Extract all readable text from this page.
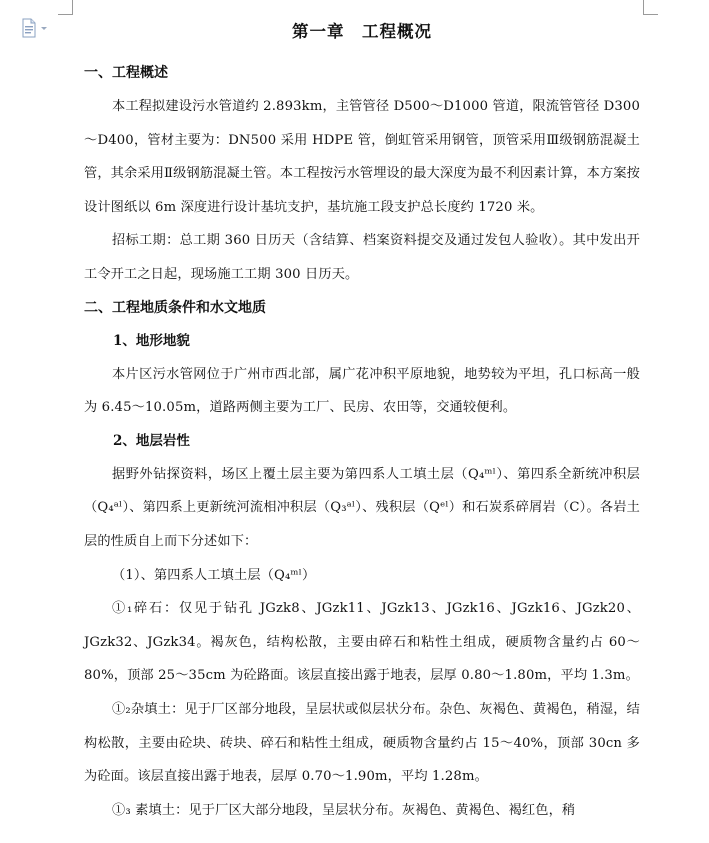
第一章　工程概况
一、工程概述

本工程拟建设污水管道约 2.893km，主管管径 D500～D1000 管道，限流管管径 D300～D400，管材主要为：DN500 采用 HDPE 管，倒虹管采用钢管，顶管采用Ⅲ级钢筋混凝土管，其余采用Ⅱ级钢筋混凝土管。本工程按污水管埋设的最大深度为最不利因素计算，本方案按设计图纸以 6m 深度进行设计基坑支护，基坑施工段支护总长度约 1720 米。

招标工期：总工期 360 日历天（含结算、档案资料提交及通过发包人验收）。其中发出开工令开工之日起，现场施工工期 300 日历天。

二、工程地质条件和水文地质
1、地形地貌

本片区污水管网位于广州市西北部，属广花冲积平原地貌，地势较为平坦，孔口标高一般为 6.45～10.05m，道路两侧主要为工厂、民房、农田等，交通较便利。

2、地层岩性

据野外钻探资料，场区上覆土层主要为第四系人工填土层（Q₄ᵐˡ）、第四系全新统冲积层（Q₄ᵃˡ）、第四系上更新统河流相冲积层（Q₃ᵃˡ）、残积层（Qᵉˡ）和石炭系碎屑岩（C）。各岩土层的性质自上而下分述如下：

（1）、第四系人工填土层（Q₄ᵐˡ）

①₁碎石：仅见于钻孔 JGzk8、JGzk11、JGzk13、JGzk16、JGzk16、JGzk20、JGzk32、JGzk34。褐灰色，结构松散，主要由碎石和粘性土组成，硬质物含量约占 60～80%，顶部 25～35cm 为砼路面。该层直接出露于地表，层厚 0.80～1.80m，平均 1.3m。

①₂杂填土：见于厂区部分地段，呈层状或似层状分布。杂色、灰褐色、黄褐色，稍湿，结构松散，主要由砼块、砖块、碎石和粘性土组成，硬质物含量约占 15～40%，顶部 30cn 多为砼面。该层直接出露于地表，层厚 0.70～1.90m，平均 1.28m。

①₃ 素填土：见于厂区大部分地段，呈层状分布。灰褐色、黄褐色、褐红色，稍
